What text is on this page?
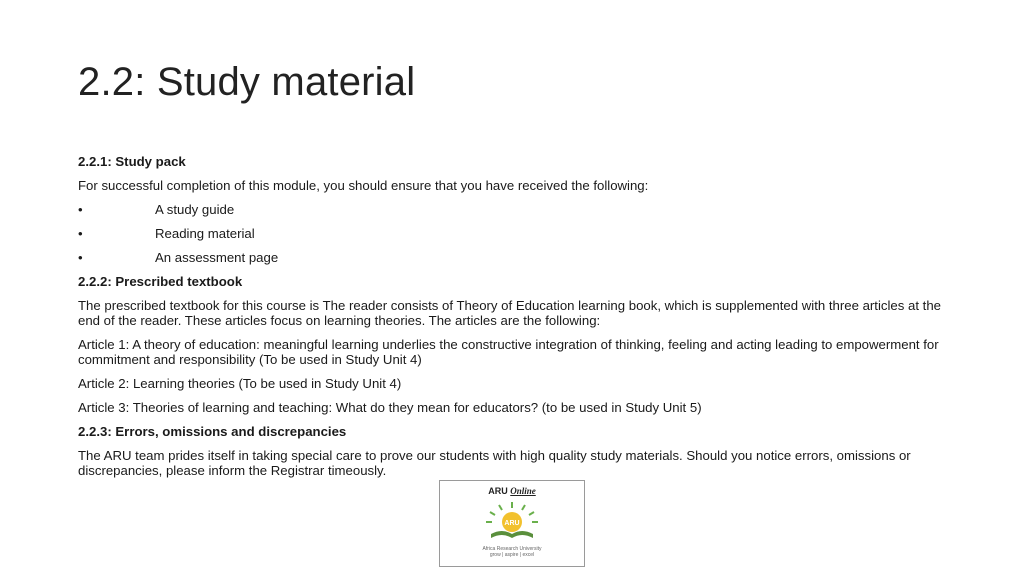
2.2: Study material

2.2.1: Study pack

For successful completion of this module, you should ensure that you have received the following:

•	A study guide
•	Reading material
•	An assessment page

2.2.2: Prescribed textbook

The prescribed textbook for this course is The reader consists of Theory of Education learning book, which is supplemented with three articles at the end of the reader. These articles focus on learning theories. The articles are the following:

Article 1: A theory of education: meaningful learning underlies the constructive integration of thinking, feeling and acting leading to empowerment for commitment and responsibility (To be used in Study Unit 4)

Article 2: Learning theories (To be used in Study Unit 4)

Article 3: Theories of learning and teaching: What do they mean for educators? (to be used in Study Unit 5)

2.2.3: Errors, omissions and discrepancies

The ARU team prides itself in taking special care to prove our students with high quality study materials. Should you notice errors, omissions or discrepancies, please inform the Registrar timeously.

ARU Online
ARU
Africa Research University
grow | aspire | excel
